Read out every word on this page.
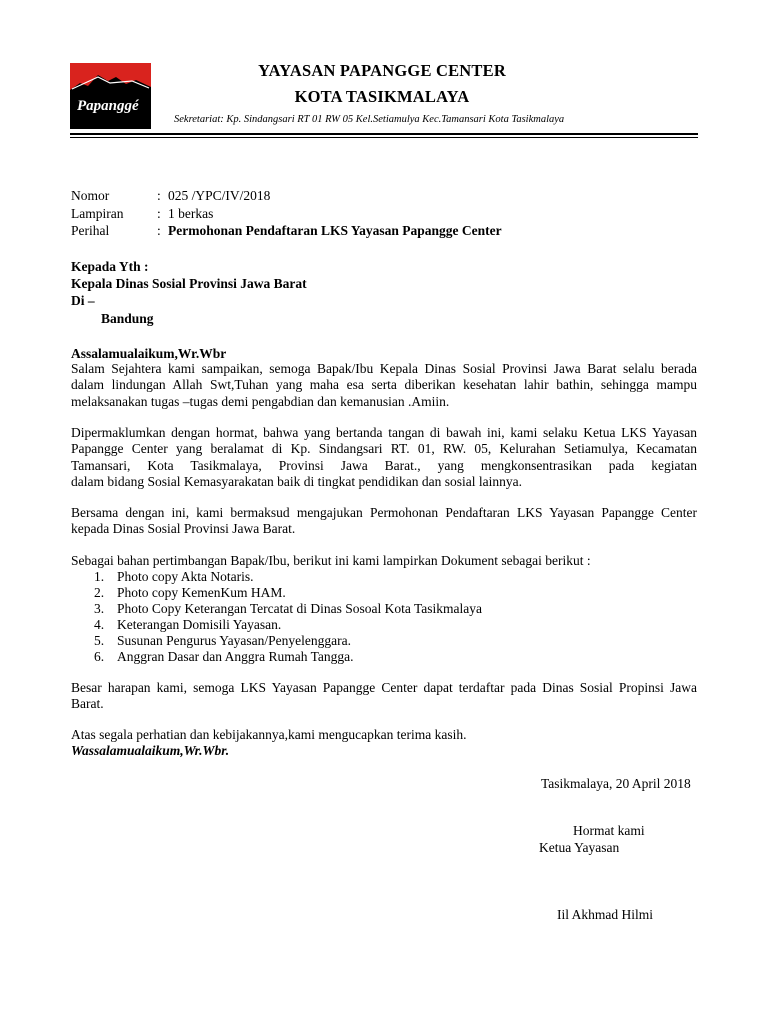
Papanggé
YAYASAN PAPANGGE CENTER
KOTA TASIKMALAYA
Sekretariat: Kp. Sindangsari RT 01 RW 05 Kel.Setiamulya Kec.Tamansari Kota Tasikmalaya
Nomor	: 025 /YPC/IV/2018
Lampiran : 1 berkas
Perihal	: Permohonan Pendaftaran LKS Yayasan Papangge Center
Kepada Yth :
Kepala Dinas Sosial Provinsi Jawa Barat
Di –
Bandung
Assalamualaikum,Wr.Wbr
Salam Sejahtera kami sampaikan, semoga Bapak/Ibu Kepala Dinas Sosial Provinsi Jawa Barat selalu berada
dalam lindungan Allah Swt,Tuhan yang maha esa serta diberikan kesehatan lahir bathin, sehingga mampu
melaksanakan tugas –tugas demi pengabdian dan kemanusian .Amiin.
Dipermaklumkan dengan hormat, bahwa yang bertanda tangan di bawah ini, kami selaku Ketua LKS Yayasan
Papangge Center yang beralamat di Kp. Sindangsari RT. 01, RW. 05, Kelurahan Setiamulya, Kecamatan
Tamansari, Kota Tasikmalaya, Provinsi Jawa Barat., yang mengkonsentrasikan pada kegiatan
dalam bidang Sosial Kemasyarakatan baik di tingkat pendidikan dan sosial lainnya.
Bersama dengan ini, kami bermaksud mengajukan Permohonan Pendaftaran LKS Yayasan Papangge Center
kepada Dinas Sosial Provinsi Jawa Barat.
Sebagai bahan pertimbangan Bapak/Ibu, berikut ini kami lampirkan Dokument sebagai berikut :
1. Photo copy Akta Notaris.
2. Photo copy KemenKum HAM.
3. Photo Copy Keterangan Tercatat di Dinas Sosoal Kota Tasikmalaya
4. Keterangan Domisili Yayasan.
5. Susunan Pengurus Yayasan/Penyelenggara.
6. Anggran Dasar dan Anggra Rumah Tangga.
Besar harapan kami, semoga LKS Yayasan Papangge Center dapat terdaftar pada Dinas Sosial Propinsi Jawa
Barat.
Atas segala perhatian dan kebijakannya,kami mengucapkan terima kasih.
Wassalamualaikum,Wr.Wbr.
Tasikmalaya, 20 April 2018
Hormat kami
Ketua Yayasan
Iil Akhmad Hilmi
